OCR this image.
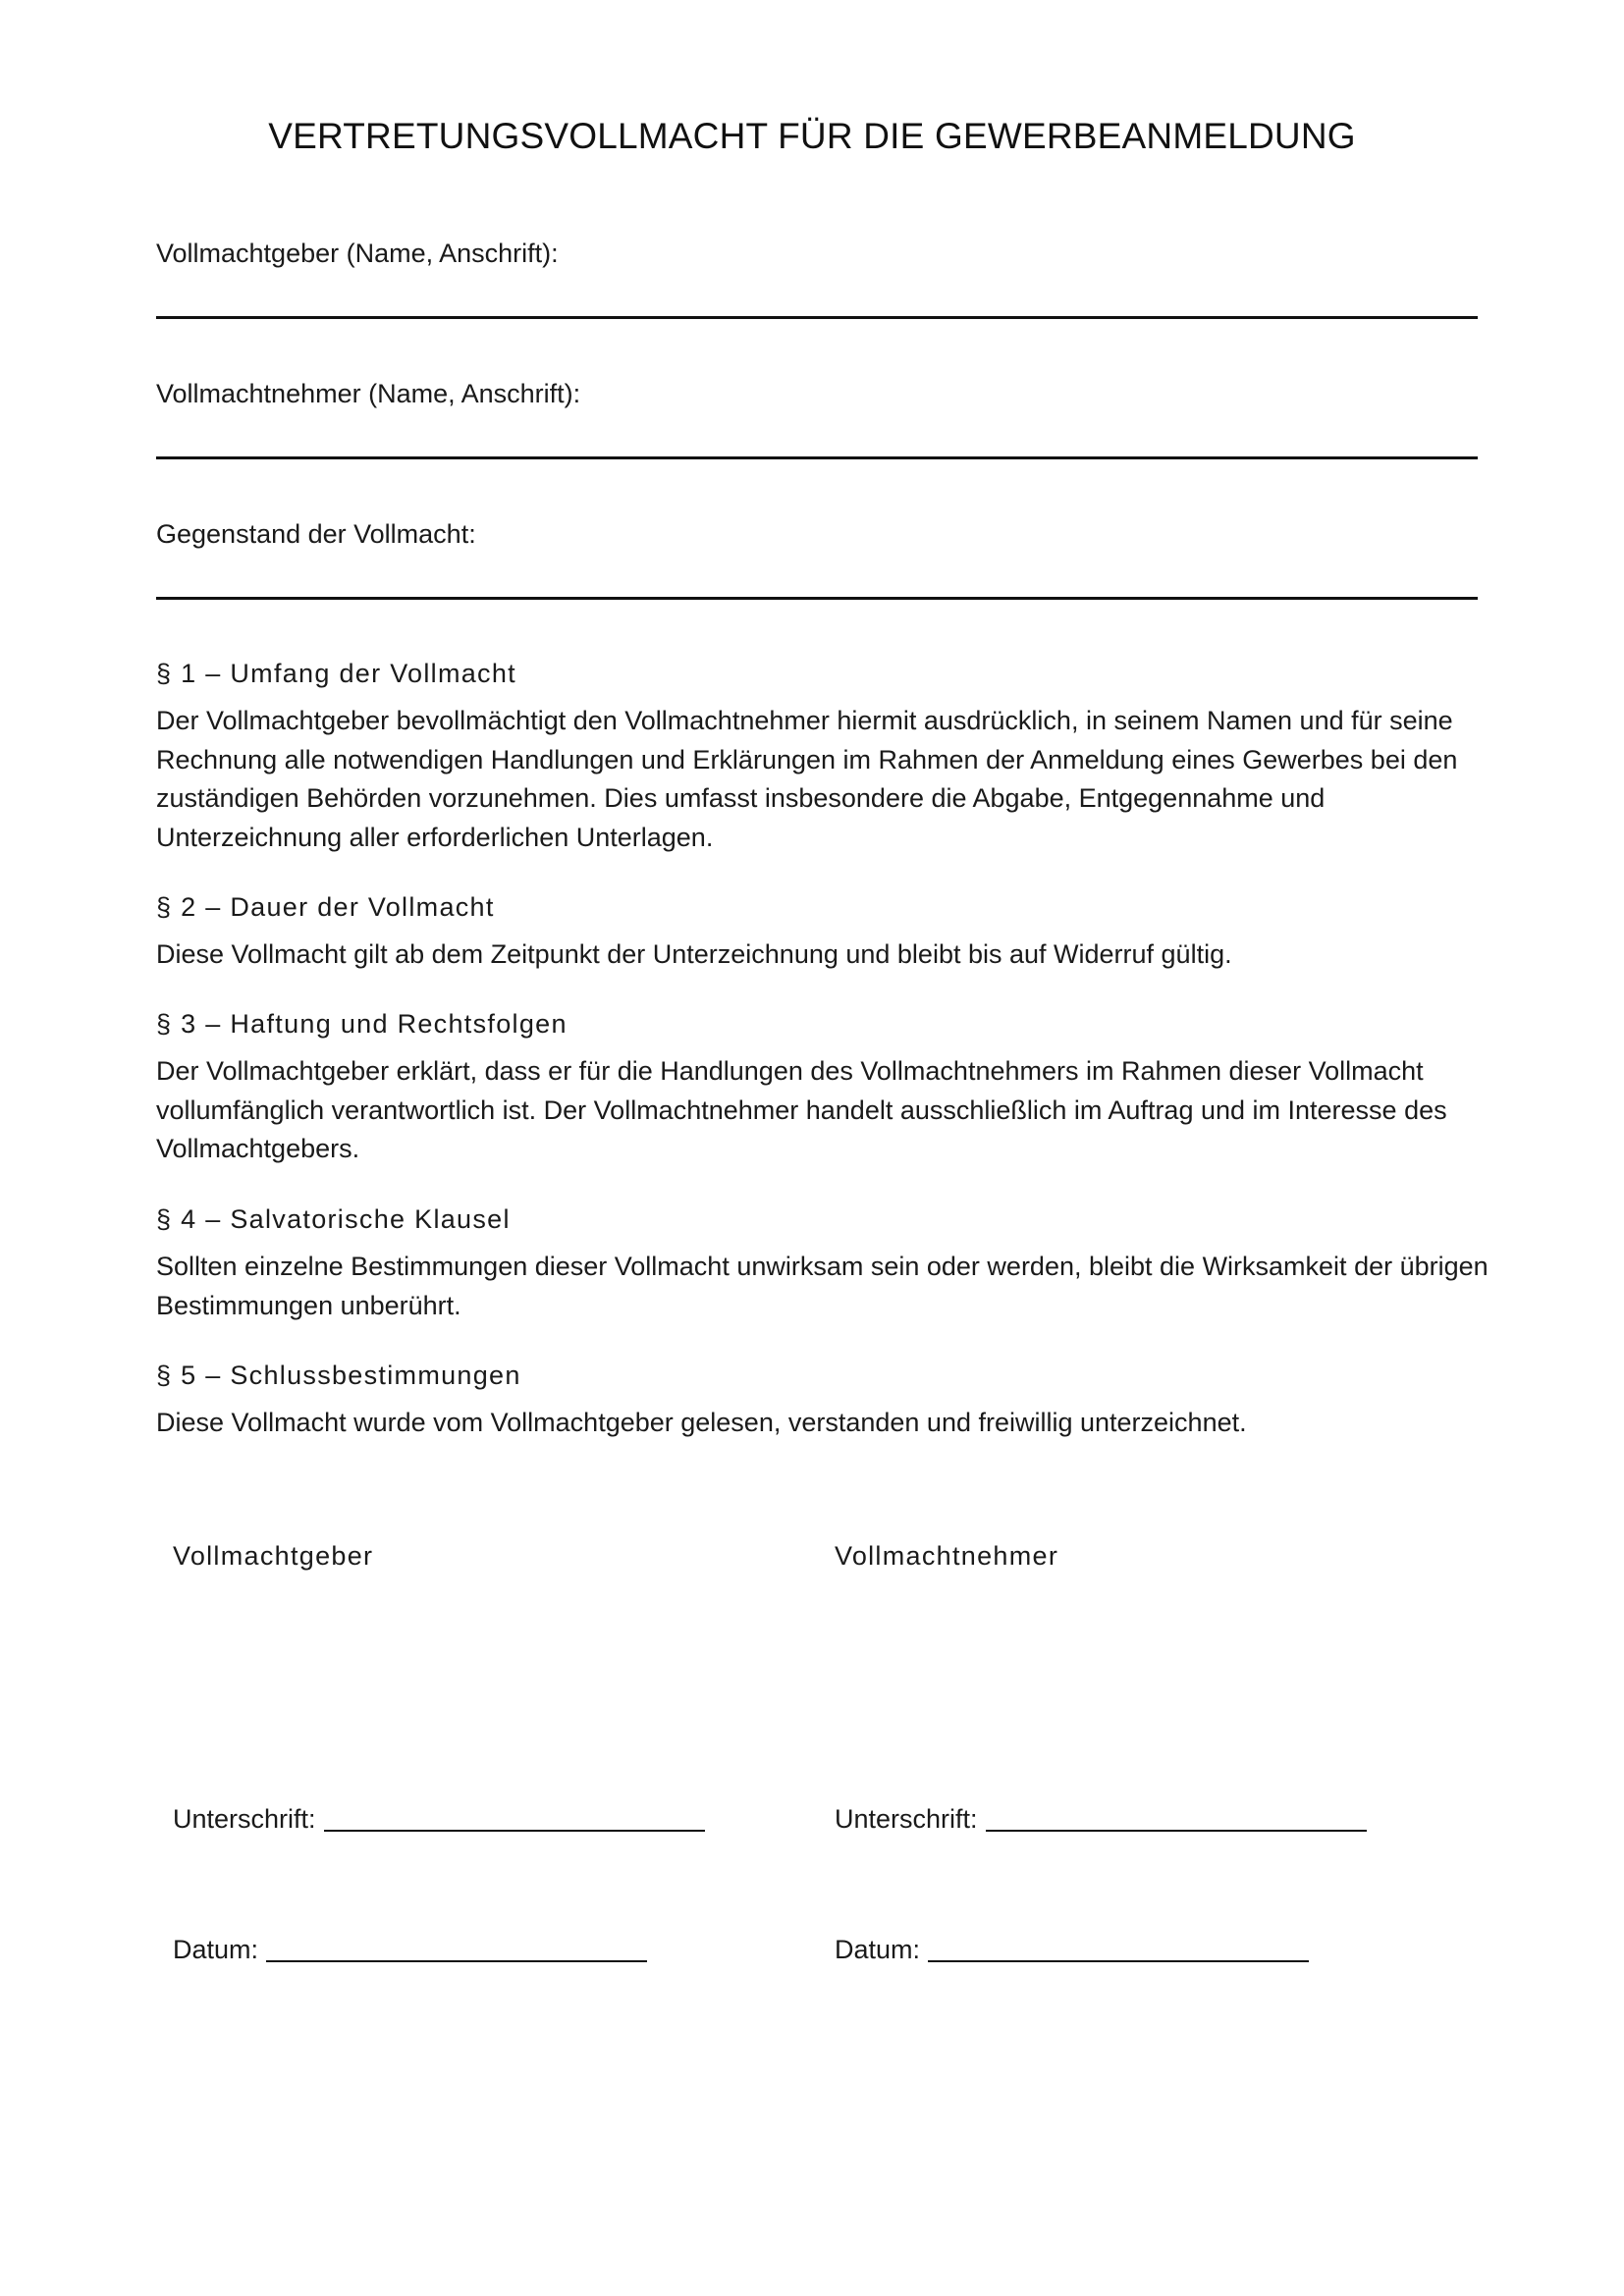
VERTRETUNGSVOLLMACHT FÜR DIE GEWERBEANMELDUNG
Vollmachtgeber (Name, Anschrift):
Vollmachtnehmer (Name, Anschrift):
Gegenstand der Vollmacht:
§ 1 – Umfang der Vollmacht
Der Vollmachtgeber bevollmächtigt den Vollmachtnehmer hiermit ausdrücklich, in seinem Namen und für seine Rechnung alle notwendigen Handlungen und Erklärungen im Rahmen der Anmeldung eines Gewerbes bei den zuständigen Behörden vorzunehmen. Dies umfasst insbesondere die Abgabe, Entgegennahme und Unterzeichnung aller erforderlichen Unterlagen.
§ 2 – Dauer der Vollmacht
Diese Vollmacht gilt ab dem Zeitpunkt der Unterzeichnung und bleibt bis auf Widerruf gültig.
§ 3 – Haftung und Rechtsfolgen
Der Vollmachtgeber erklärt, dass er für die Handlungen des Vollmachtnehmers im Rahmen dieser Vollmacht vollumfänglich verantwortlich ist. Der Vollmachtnehmer handelt ausschließlich im Auftrag und im Interesse des Vollmachtgebers.
§ 4 – Salvatorische Klausel
Sollten einzelne Bestimmungen dieser Vollmacht unwirksam sein oder werden, bleibt die Wirksamkeit der übrigen Bestimmungen unberührt.
§ 5 – Schlussbestimmungen
Diese Vollmacht wurde vom Vollmachtgeber gelesen, verstanden und freiwillig unterzeichnet.
Vollmachtgeber	Vollmachtnehmer
Unterschrift:	Unterschrift:
Datum:	Datum:
